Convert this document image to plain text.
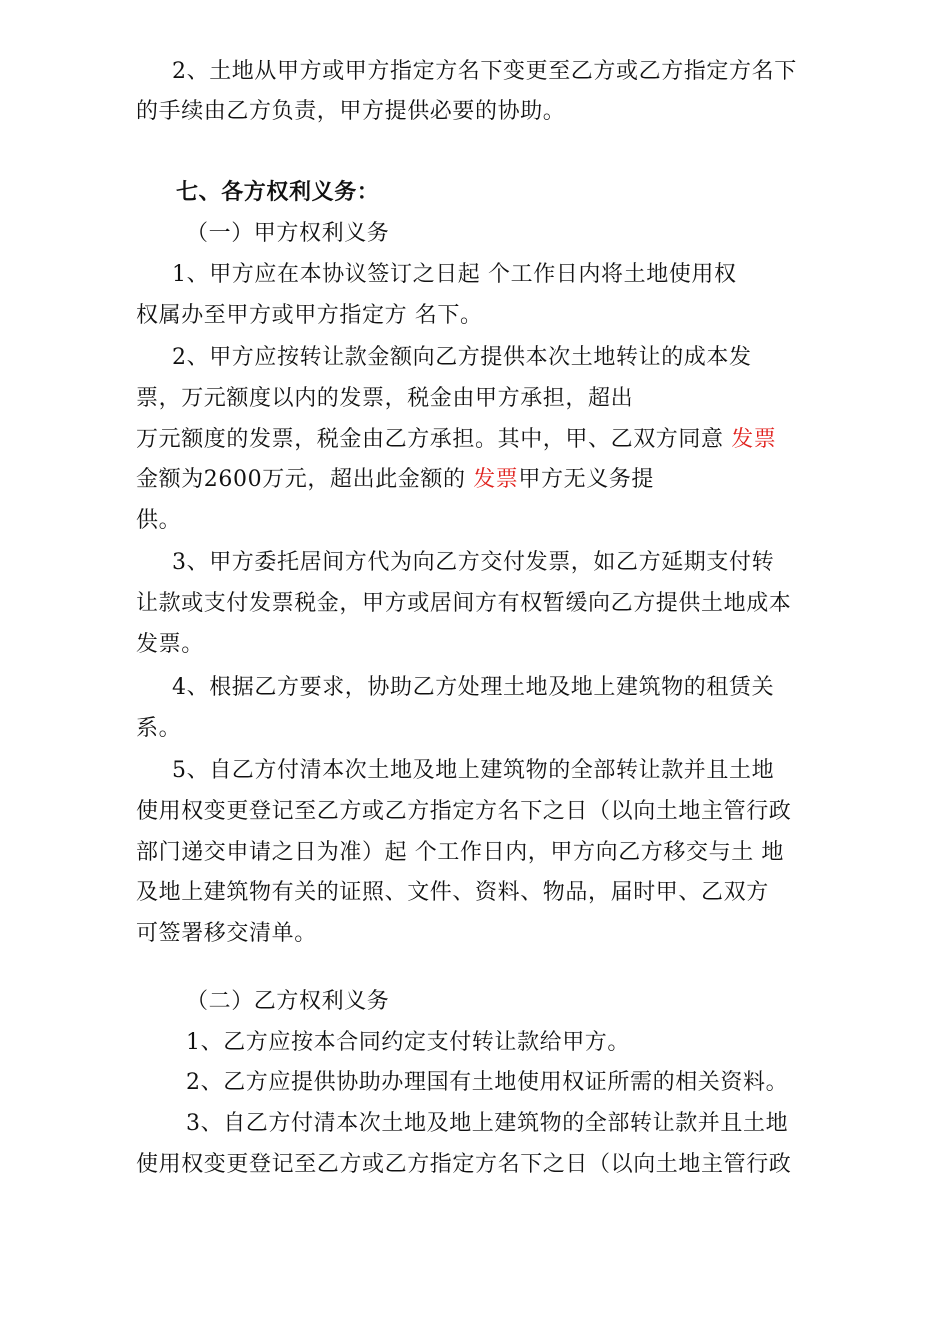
2、土地从甲方或甲方指定方名下变更至乙方或乙方指定方名下
的手续由乙方负责，甲方提供必要的协助。
七、各方权利义务：
（一）甲方权利义务
1、甲方应在本协议签订之日起 个工作日内将土地使用权
权属办至甲方或甲方指定方 名下。
2、甲方应按转让款金额向乙方提供本次土地转让的成本发
票，万元额度以内的发票，税金由甲方承担，超出
万元额度的发票，税金由乙方承担。其中，甲、乙双方同意 发票
金额为2600万元，超出此金额的 发票甲方无义务提
供。
3、甲方委托居间方代为向乙方交付发票，如乙方延期支付转
让款或支付发票税金，甲方或居间方有权暂缓向乙方提供土地成本
发票。
4、根据乙方要求，协助乙方处理土地及地上建筑物的租赁关
系。
5、自乙方付清本次土地及地上建筑物的全部转让款并且土地
使用权变更登记至乙方或乙方指定方名下之日（以向土地主管行政
部门递交申请之日为准）起 个工作日内，甲方向乙方移交与土 地
及地上建筑物有关的证照、文件、资料、物品，届时甲、乙双方
可签署移交清单。
（二）乙方权利义务
1、乙方应按本合同约定支付转让款给甲方。
2、乙方应提供协助办理国有土地使用权证所需的相关资料。
3、自乙方付清本次土地及地上建筑物的全部转让款并且土地
使用权变更登记至乙方或乙方指定方名下之日（以向土地主管行政
